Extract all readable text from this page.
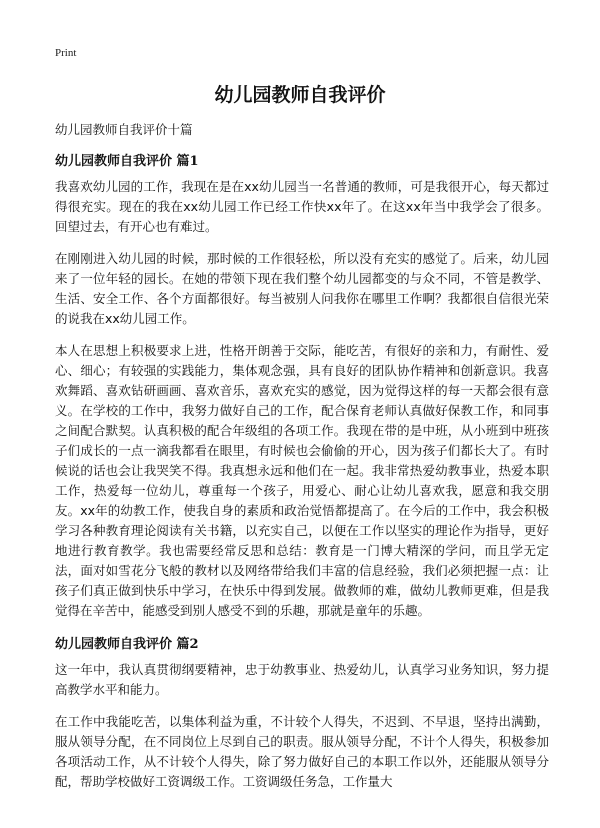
Print
幼儿园教师自我评价

幼儿园教师自我评价十篇

幼儿园教师自我评价 篇1

我喜欢幼儿园的工作，我现在是在xx幼儿园当一名普通的教师，可是我很开心，每天都过得很充实。现在的我在xx幼儿园工作已经工作快xx年了。在这xx年当中我学会了很多。回望过去，有开心也有难过。

在刚刚进入幼儿园的时候，那时候的工作很轻松，所以没有充实的感觉了。后来，幼儿园来了一位年轻的园长。在她的带领下现在我们整个幼儿园都变的与众不同，不管是教学、生活、安全工作、各个方面都很好。每当被别人问我你在哪里工作啊？我都很自信很光荣的说我在xx幼儿园工作。

本人在思想上积极要求上进，性格开朗善于交际，能吃苦，有很好的亲和力，有耐性、爱心、细心；有较强的实践能力，集体观念强，具有良好的团队协作精神和创新意识。我喜欢舞蹈、喜欢钻研画画、喜欢音乐，喜欢充实的感觉，因为觉得这样的每一天都会很有意义。在学校的工作中，我努力做好自己的工作，配合保育老师认真做好保教工作，和同事之间配合默契。认真积极的配合年级组的各项工作。我现在带的是中班，从小班到中班孩子们成长的一点一滴我都看在眼里，有时候也会偷偷的开心，因为孩子们都长大了。有时候说的话也会让我哭笑不得。我真想永远和他们在一起。我非常热爱幼教事业，热爱本职工作，热爱每一位幼儿，尊重每一个孩子，用爱心、耐心让幼儿喜欢我，愿意和我交朋友。xx年的幼教工作，使我自身的素质和政治觉悟都提高了。在今后的工作中，我会积极学习各种教育理论阅读有关书籍，以充实自己，以便在工作以坚实的理论作为指导，更好地进行教育教学。我也需要经常反思和总结：教育是一门博大精深的学问，而且学无定法，面对如雪花分飞般的教材以及网络带给我们丰富的信息经验，我们必须把握一点：让孩子们真正做到快乐中学习，在快乐中得到发展。做教师的难，做幼儿教师更难，但是我觉得在辛苦中，能感受到别人感受不到的乐趣，那就是童年的乐趣。

幼儿园教师自我评价 篇2

这一年中，我认真贯彻纲要精神，忠于幼教事业、热爱幼儿，认真学习业务知识，努力提高教学水平和能力。

在工作中我能吃苦，以集体利益为重，不计较个人得失，不迟到、不早退，坚持出满勤，服从领导分配，在不同岗位上尽到自己的职责。服从领导分配，不计个人得失，积极参加各项活动工作，从不计较个人得失，除了努力做好自己的本职工作以外，还能服从领导分配，帮助学校做好工资调级工作。工资调级任务急，工作量大
